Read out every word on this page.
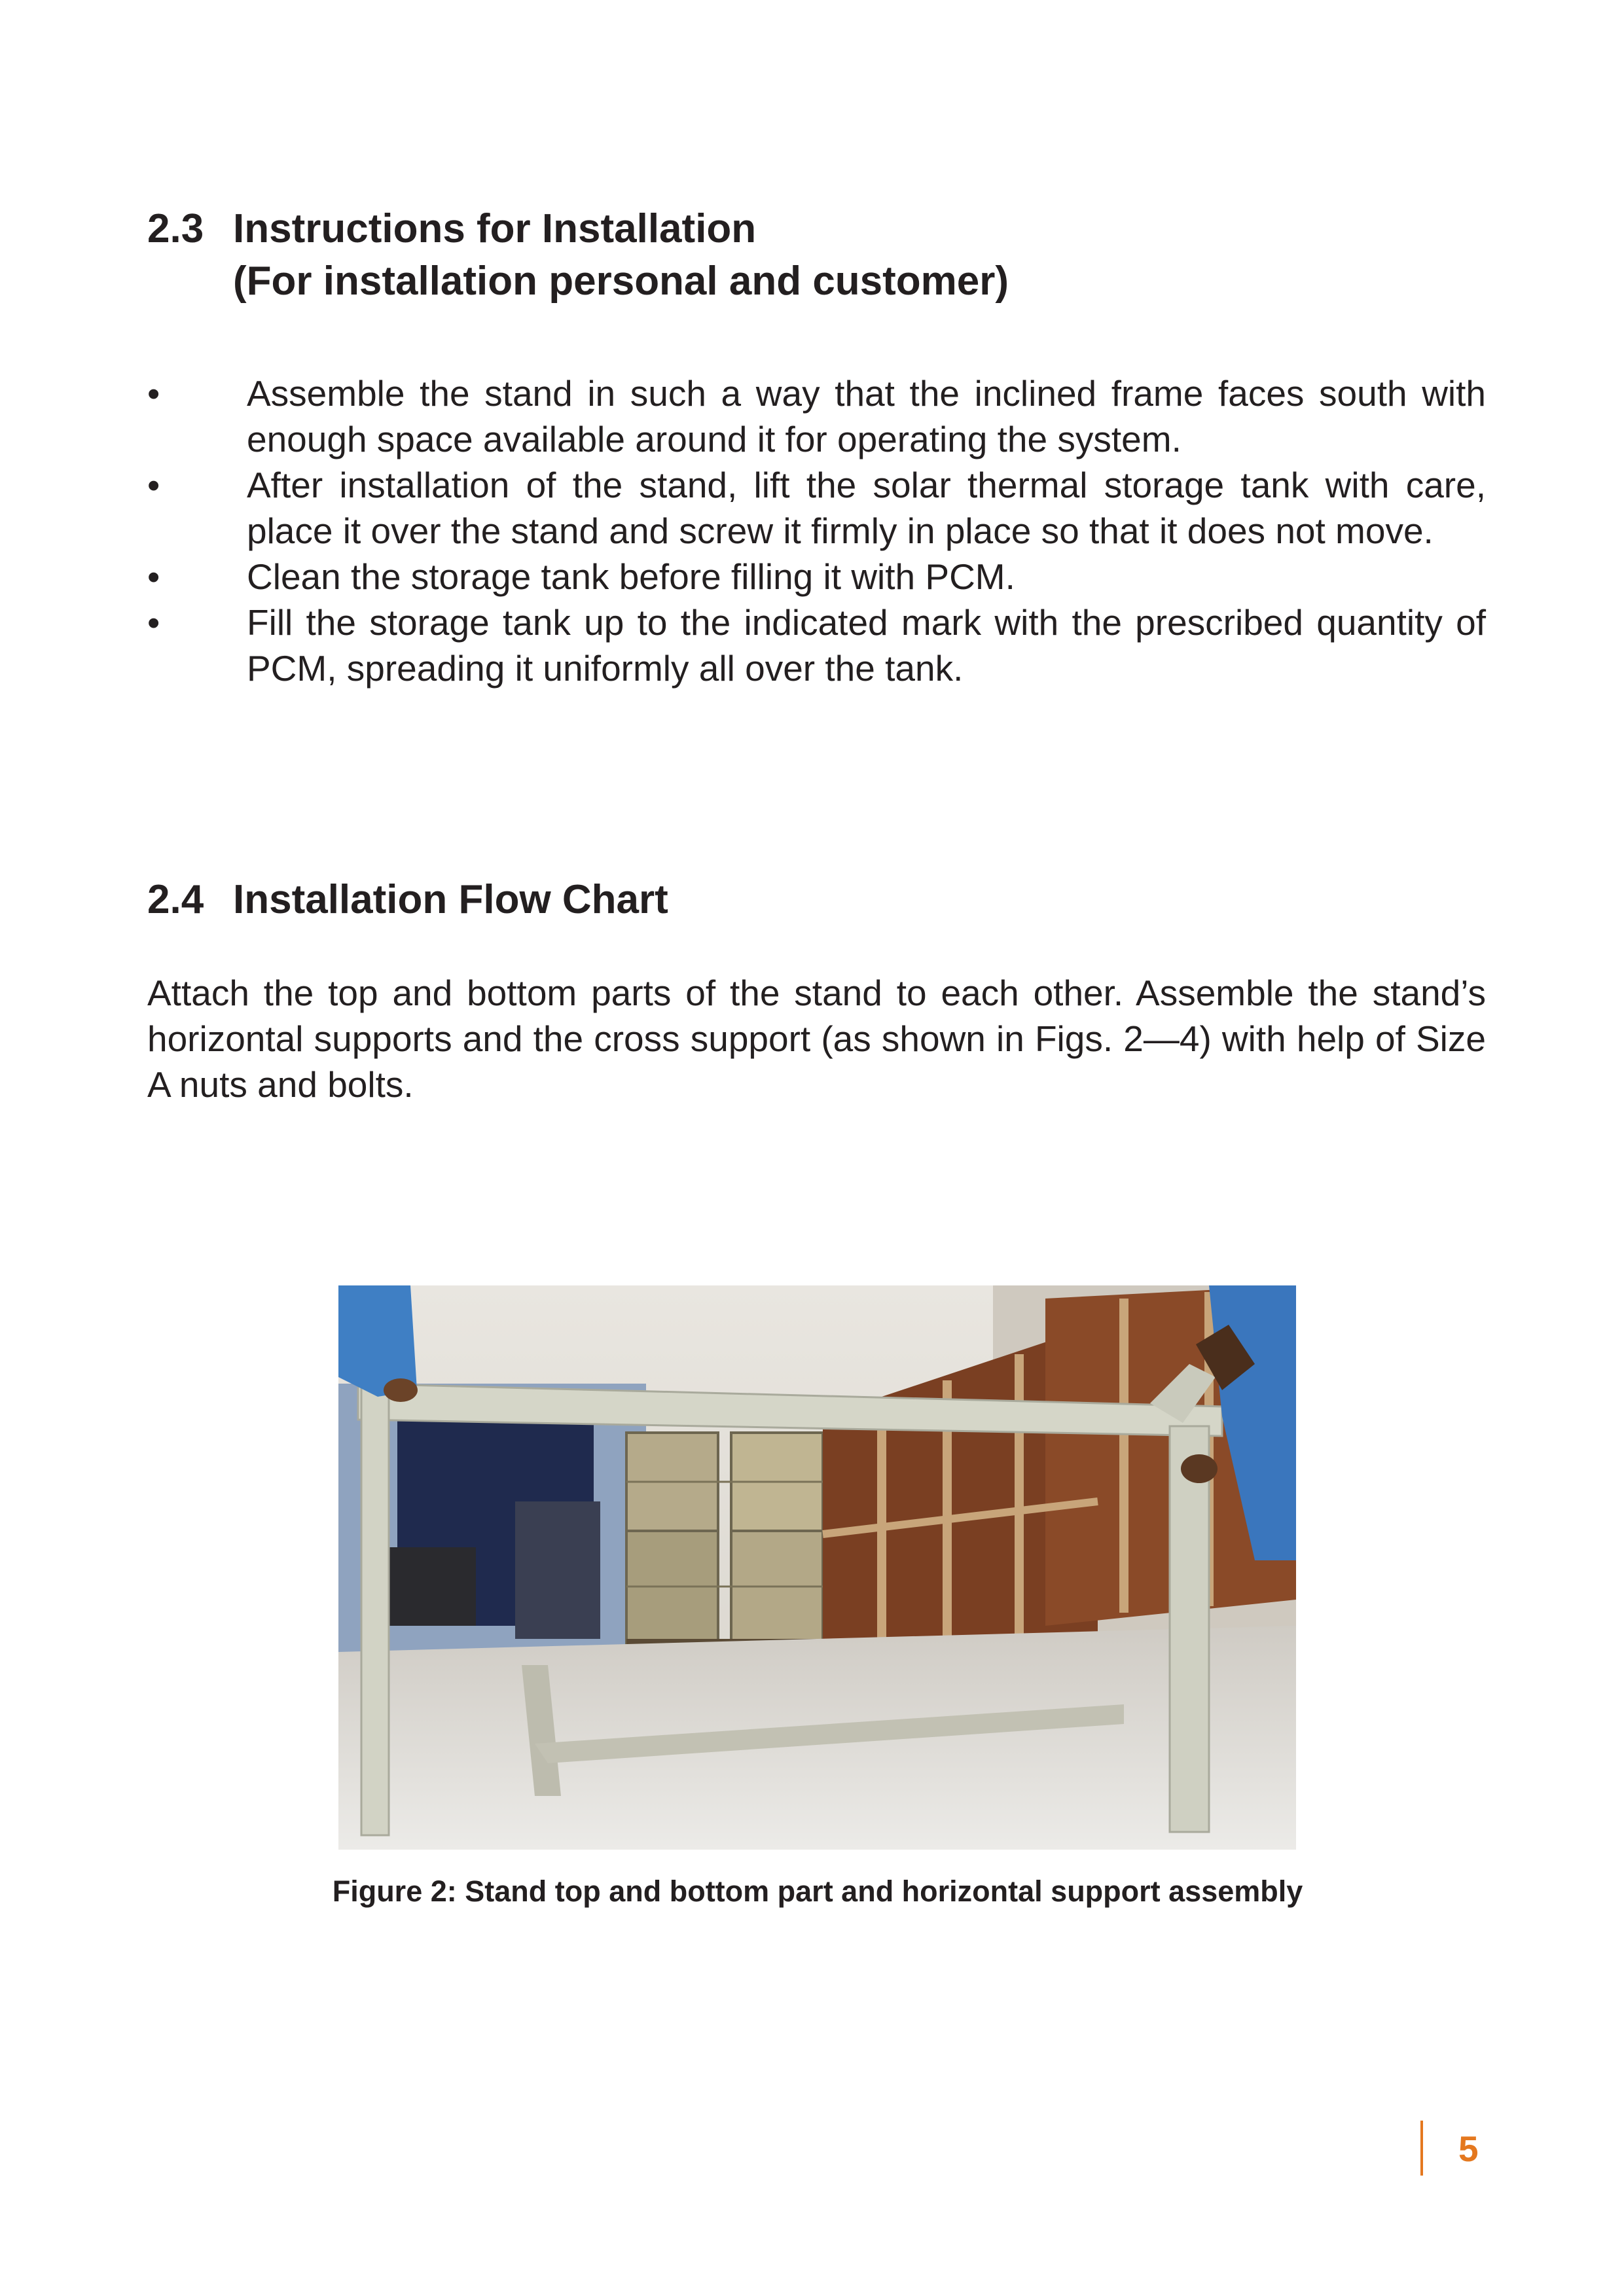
2.3 Instructions for Installation

(For installation personal and customer)

• Assemble the stand in such a way that the inclined frame faces south with enough space available around it for operating the system.
• After installation of the stand, lift the solar thermal storage tank with care, place it over the stand and screw it firmly in place so that it does not move.
• Clean the storage tank before filling it with PCM.
• Fill the storage tank up to the indicated mark with the prescribed quantity of PCM, spreading it uniformly all over the tank.
2.4 Installation Flow Chart

Attach the top and bottom parts of the stand to each other. Assemble the stand’s horizontal supports and the cross support (as shown in Figs. 2—4) with help of Size A nuts and bolts.

Figure 2: Stand top and bottom part and horizontal support assembly

5
